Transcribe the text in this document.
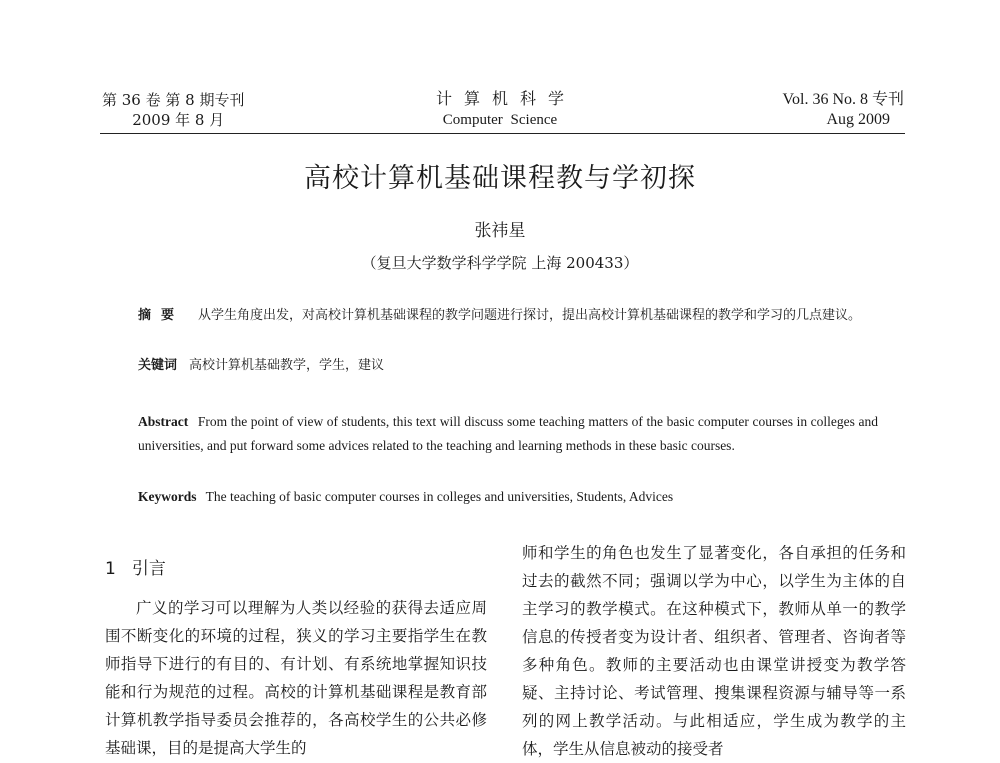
第 36 卷 第 8 期专刊
2009 年 8 月
计算机科学
Computer Science
Vol. 36 No. 8 专刊
Aug 2009
高校计算机基础课程教与学初探
张祎星
（复旦大学数学科学学院 上海 200433）
摘要 从学生角度出发，对高校计算机基础课程的教学问题进行探讨，提出高校计算机基础课程的教学和学习的几点建议。
关键词 高校计算机基础教学，学生，建议
Abstract From the point of view of students, this text will discuss some teaching matters of the basic computer courses in colleges and universities, and put forward some advices related to the teaching and learning methods in these basic courses.
Keywords The teaching of basic computer courses in colleges and universities, Students, Advices
1 引言

广义的学习可以理解为人类以经验的获得去适应周围不断变化的环境的过程，狭义的学习主要指学生在教师指导下进行的有目的、有计划、有系统地掌握知识技能和行为规范的过程。高校的计算机基础课程是教育部计算机教学指导委员会推荐的，各高校学生的公共必修基础课，目的是提高大学生的

师和学生的角色也发生了显著变化，各自承担的任务和过去的截然不同；强调以学为中心，以学生为主体的自主学习的教学模式。在这种模式下，教师从单一的教学信息的传授者变为设计者、组织者、管理者、咨询者等多种角色。教师的主要活动也由课堂讲授变为教学答疑、主持讨论、考试管理、搜集课程资源与辅导等一系列的网上教学活动。与此相适应，学生成为教学的主体，学生从信息被动的接受者
